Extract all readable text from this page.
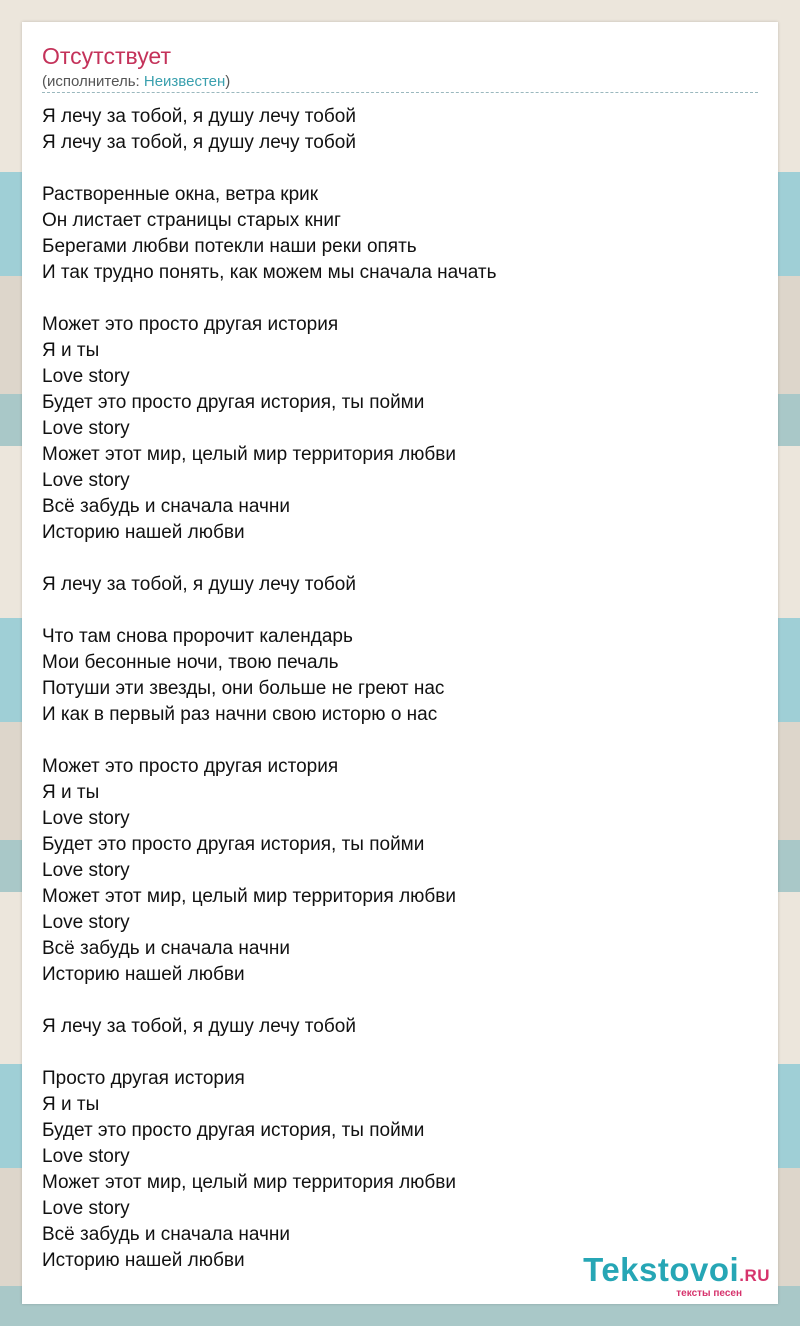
Отсутствует
(исполнитель: Неизвестен)
Я лечу за тобой, я душу лечу тобой
Я лечу за тобой, я душу лечу тобой
Растворенные окна, ветра крик
Он листает страницы старых книг
Берегами любви потекли наши реки опять
И так трудно понять, как можем мы сначала начать
Может это просто другая история
Я и ты
Love story
Будет это просто другая история, ты пойми
Love story
Может этот мир, целый мир территория любви
Love story
Всё забудь и сначала начни
Историю нашей любви
Я лечу за тобой, я душу лечу тобой
Что там снова пророчит календарь
Мои бесонные ночи, твою печаль
Потуши эти звезды, они больше не греют нас
И как в первый раз начни свою исторю о нас
Может это просто другая история
Я и ты
Love story
Будет это просто другая история, ты пойми
Love story
Может этот мир, целый мир территория любви
Love story
Всё забудь и сначала начни
Историю нашей любви
Я лечу за тобой, я душу лечу тобой
Просто другая история
Я и ты
Будет это просто другая история, ты пойми
Love story
Может этот мир, целый мир территория любви
Love story
Всё забудь и сначала начни
Историю нашей любви	Tekstovoi.RU
тексты песен
